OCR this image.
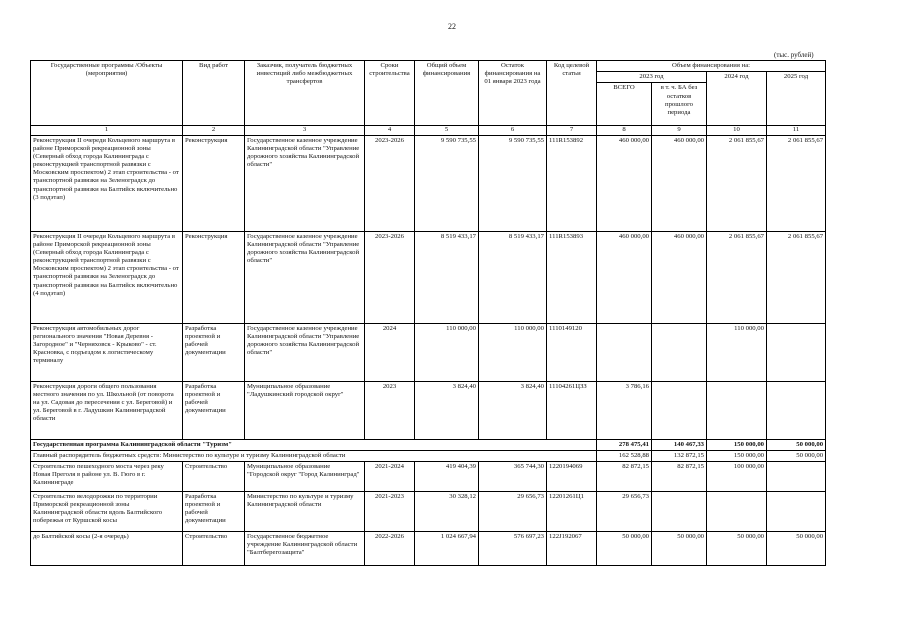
22
(тыс. рублей)
Государственные программы /Объекты (мероприятия)	Вид работ	Заказчик, получатель бюджетных инвестиций либо межбюджетных трансфертов	Сроки строительства	Общий объем финансирования	Остаток финансирования на 01 января 2023 года	Код целевой статьи	Объем финансирования на:			
							2023 год		2024 год	2025 год
							ВСЕГО	в т. ч. БА без остатков прошлого периода		
1	2	3	4	5	6	7	8	9	10	11
Реконструкция II очереди Кольцевого маршрута в районе Приморской рекреационной зоны (Северный обход города Калининграда с реконструкцией транспортной развязки с Московским проспектом) 2 этап строительства - от транспортной развязки на Зеленоградск до транспортной развязки на Балтийск включительно (3 подэтап)	Реконструкция	Государственное казенное учреждение Калининградской области "Управление дорожного хозяйства Калининградской области"	2023-2026	9 590 735,55	9 590 735,55	111R153892	460 000,00	460 000,00	2 061 855,67	2 061 855,67
Реконструкция II очереди Кольцевого маршрута в районе Приморской рекреационной зоны (Северный обход города Калининграда с реконструкцией транспортной развязки с Московским проспектом) 2 этап строительства - от транспортной развязки на Зеленоградск до транспортной развязки на Балтийск включительно (4 подэтап)	Реконструкция	Государственное казенное учреждение Калининградской области "Управление дорожного хозяйства Калининградской области"	2023-2026	8 519 433,17	8 519 433,17	111R153893	460 000,00	460 000,00	2 061 855,67	2 061 855,67
Реконструкция автомобильных дорог регионального значения "Новая Деревня - Загородное" и "Черняховск - Крыково" - ст. Красновка, с подъездом к логистическому терминалу	Разработка проектной и рабочей документации	Государственное казенное учреждение Калининградской области "Управление дорожного хозяйства Калининградской области"	2024	110 000,00	110 000,00	1110149120			110 000,00	
Реконструкция дороги общего пользования местного значения по ул. Школьной (от поворота на ул. Садовая до пересечения с ул. Береговой) и ул. Береговой в г. Ладушкин Калининградской области	Разработка проектной и рабочей документации	Муниципальное образование "Ладушкинский городской округ"	2023	3 824,40	3 824,40	11104261ЦЗЗ	3 786,16			
Государственная программа Калининградской области "Туризм"							278 475,41	140 467,33	150 000,00	50 000,00
Главный распорядитель бюджетных средств: Министерство по культуре и туризму Калининградской области							162 528,88	132 872,15	150 000,00	50 000,00
Строительство пешеходного моста через реку Новая Преголя в районе ул. В. Гюго в г. Калининграде	Строительство	Муниципальное образование "Городской округ "Город Калининград"	2021-2024	419 404,39	365 744,30	1220194069	82 872,15	82 872,15	100 000,00	
Строительство велодорожки по территории Приморской рекреационной зоны Калининградской области вдоль Балтийского побережья от Куршской косы	Разработка проектной и рабочей документации	Министерство по культуре и туризму Калининградской области	2021-2023	30 328,12	29 656,73	12201261Ц1	29 656,73			
до Балтийской косы (2-я очередь)	Строительство	Государственное бюджетное учреждение Калининградской области "Балтберегозащита"	2022-2026	1 024 667,94	576 697,23	122J192067	50 000,00	50 000,00	50 000,00	50 000,00
